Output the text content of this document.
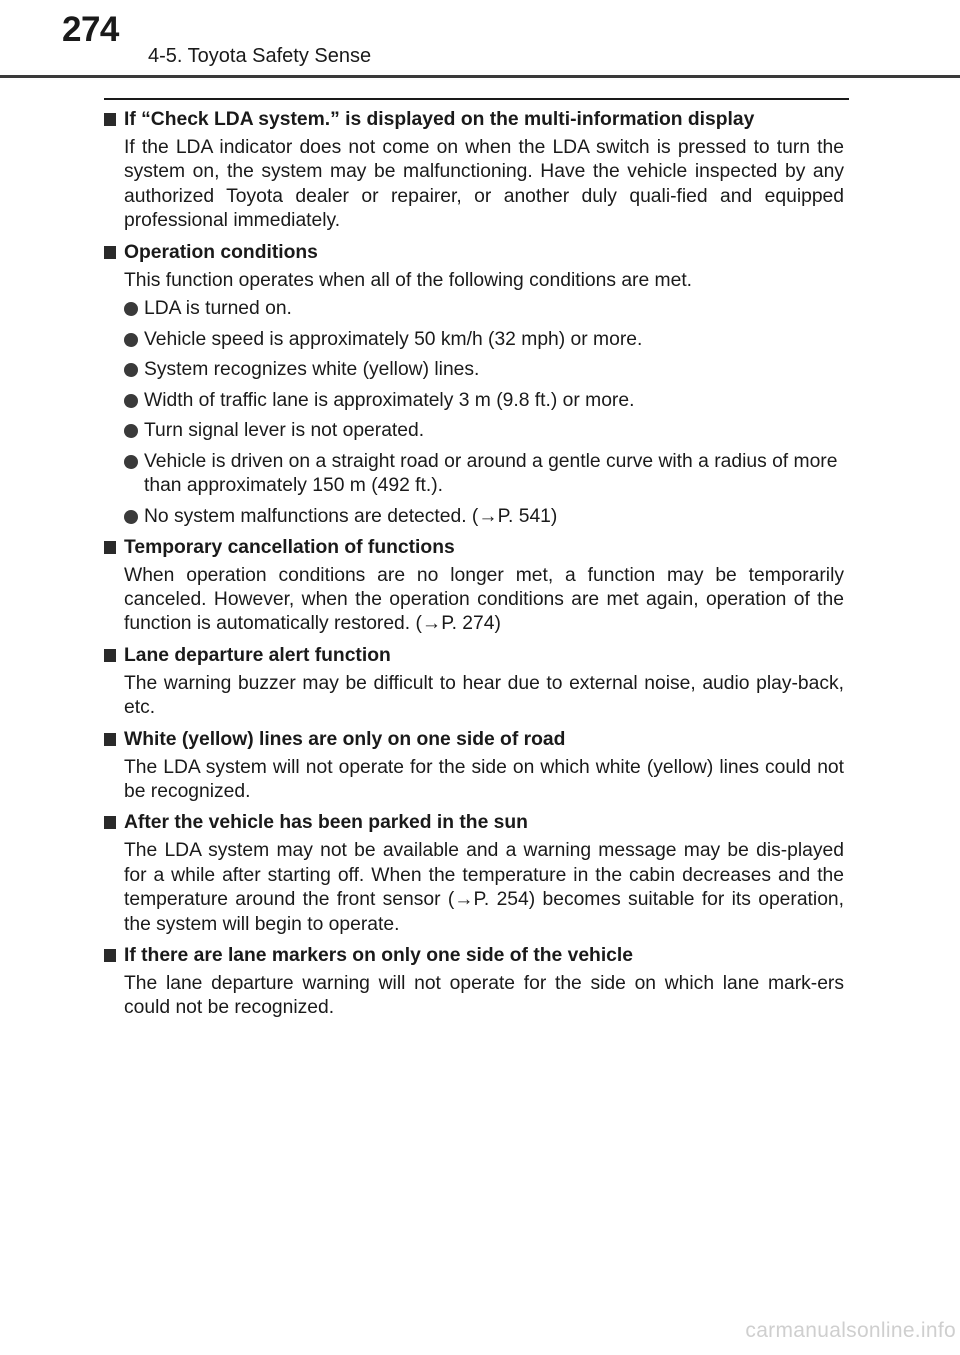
274
4-5. Toyota Safety Sense
If “Check LDA system.” is displayed on the multi-information display
If the LDA indicator does not come on when the LDA switch is pressed to turn the system on, the system may be malfunctioning. Have the vehicle inspected by any authorized Toyota dealer or repairer, or another duly quali-fied and equipped professional immediately.
Operation conditions
This function operates when all of the following conditions are met.
LDA is turned on.
Vehicle speed is approximately 50 km/h (32 mph) or more.
System recognizes white (yellow) lines.
Width of traffic lane is approximately 3 m (9.8 ft.) or more.
Turn signal lever is not operated.
Vehicle is driven on a straight road or around a gentle curve with a radius of more than approximately 150 m (492 ft.).
No system malfunctions are detected. (→P. 541)
Temporary cancellation of functions
When operation conditions are no longer met, a function may be temporarily canceled. However, when the operation conditions are met again, operation of the function is automatically restored. (→P. 274)
Lane departure alert function
The warning buzzer may be difficult to hear due to external noise, audio play-back, etc.
White (yellow) lines are only on one side of road
The LDA system will not operate for the side on which white (yellow) lines could not be recognized.
After the vehicle has been parked in the sun
The LDA system may not be available and a warning message may be dis-played for a while after starting off. When the temperature in the cabin decreases and the temperature around the front sensor (→P. 254) becomes suitable for its operation, the system will begin to operate.
If there are lane markers on only one side of the vehicle
The lane departure warning will not operate for the side on which lane mark-ers could not be recognized.
carmanualsonline.info
